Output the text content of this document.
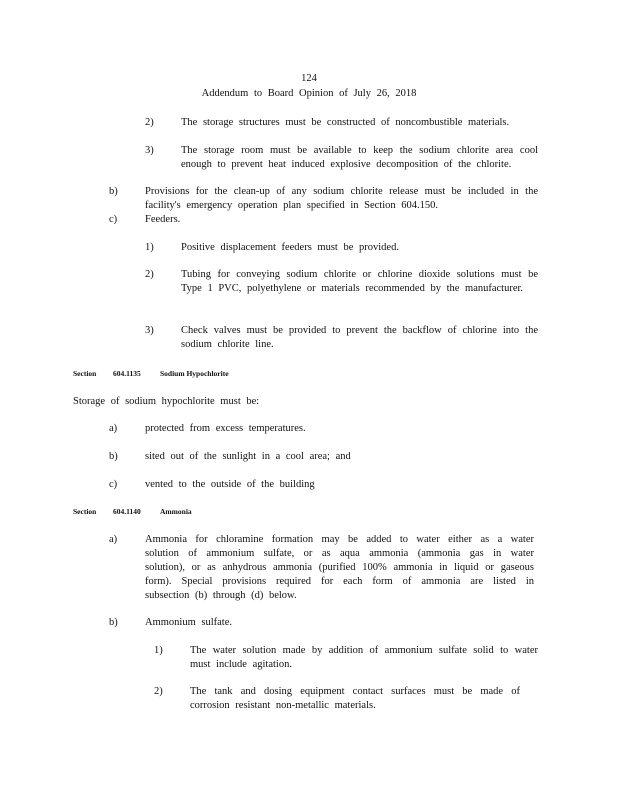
124
Addendum to Board Opinion of July 26, 2018
2)	The storage structures must be constructed of noncombustible materials.
3)	The storage room must be available to keep the sodium chlorite area cool enough to prevent heat induced explosive decomposition of the chlorite.
b)	Provisions for the clean-up of any sodium chlorite release must be included in the facility's emergency operation plan specified in Section 604.150.
c)	Feeders.
1)	Positive displacement feeders must be provided.
2)	Tubing for conveying sodium chlorite or chlorine dioxide solutions must be Type 1 PVC, polyethylene or materials recommended by the manufacturer.
3)	Check valves must be provided to prevent the backflow of chlorine into the sodium chlorite line.
Section 604.1135	Sodium Hypochlorite
Storage of sodium hypochlorite must be:
a)	protected from excess temperatures.
b)	sited out of the sunlight in a cool area; and
c)	vented to the outside of the building
Section 604.1140	Ammonia
a)	Ammonia for chloramine formation may be added to water either as a water solution of ammonium sulfate, or as aqua ammonia (ammonia gas in water solution), or as anhydrous ammonia (purified 100% ammonia in liquid or gaseous form). Special provisions required for each form of ammonia are listed in subsection (b) through (d) below.
b)	Ammonium sulfate.
1)	The water solution made by addition of ammonium sulfate solid to water must include agitation.
2)	The tank and dosing equipment contact surfaces must be made of corrosion resistant non-metallic materials.
